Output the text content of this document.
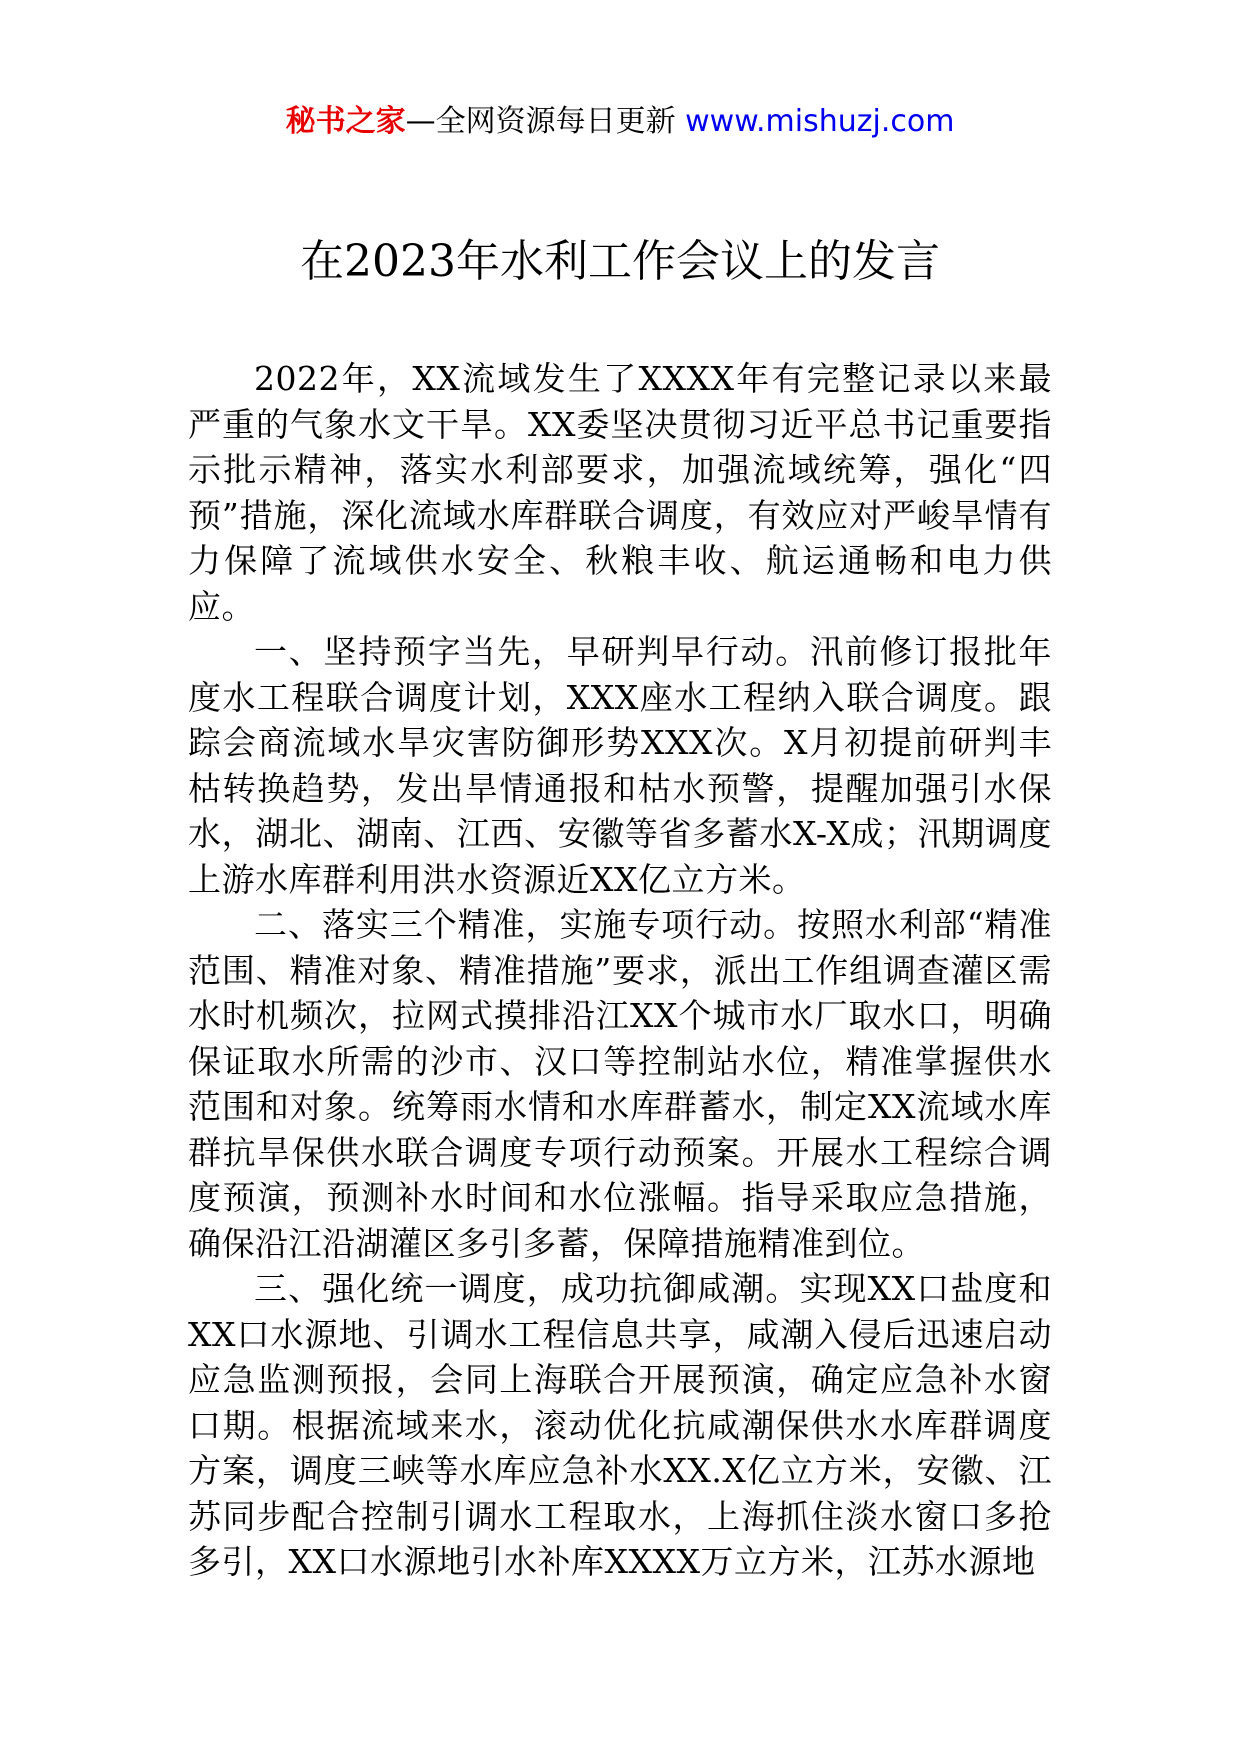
秘书之家—全网资源每日更新 www.mishuzj.com
在2023年水利工作会议上的发言

2022年，XX流域发生了XXXX年有完整记录以来最严重的气象水文干旱。XX委坚决贯彻习近平总书记重要指示批示精神，落实水利部要求，加强流域统筹，强化“四预”措施，深化流域水库群联合调度，有效应对严峻旱情有力保障了流域供水安全、秋粮丰收、航运通畅和电力供应。

一、坚持预字当先，早研判早行动。汛前修订报批年度水工程联合调度计划，XXX座水工程纳入联合调度。跟踪会商流域水旱灾害防御形势XXX次。X月初提前研判丰枯转换趋势，发出旱情通报和枯水预警，提醒加强引水保水，湖北、湖南、江西、安徽等省多蓄水X-X成；汛期调度上游水库群利用洪水资源近XX亿立方米。

二、落实三个精准，实施专项行动。按照水利部“精准范围、精准对象、精准措施”要求，派出工作组调查灌区需水时机频次，拉网式摸排沿江XX个城市水厂取水口，明确保证取水所需的沙市、汉口等控制站水位，精准掌握供水范围和对象。统筹雨水情和水库群蓄水，制定XX流域水库群抗旱保供水联合调度专项行动预案。开展水工程综合调度预演，预测补水时间和水位涨幅。指导采取应急措施，确保沿江沿湖灌区多引多蓄，保障措施精准到位。

三、强化统一调度，成功抗御咸潮。实现XX口盐度和XX口水源地、引调水工程信息共享，咸潮入侵后迅速启动应急监测预报，会同上海联合开展预演，确定应急补水窗口期。根据流域来水，滚动优化抗咸潮保供水水库群调度方案，调度三峡等水库应急补水XX.X亿立方米，安徽、江苏同步配合控制引调水工程取水，上海抓住淡水窗口多抢多引，XX口水源地引水补库XXXX万立方米，江苏水源地
